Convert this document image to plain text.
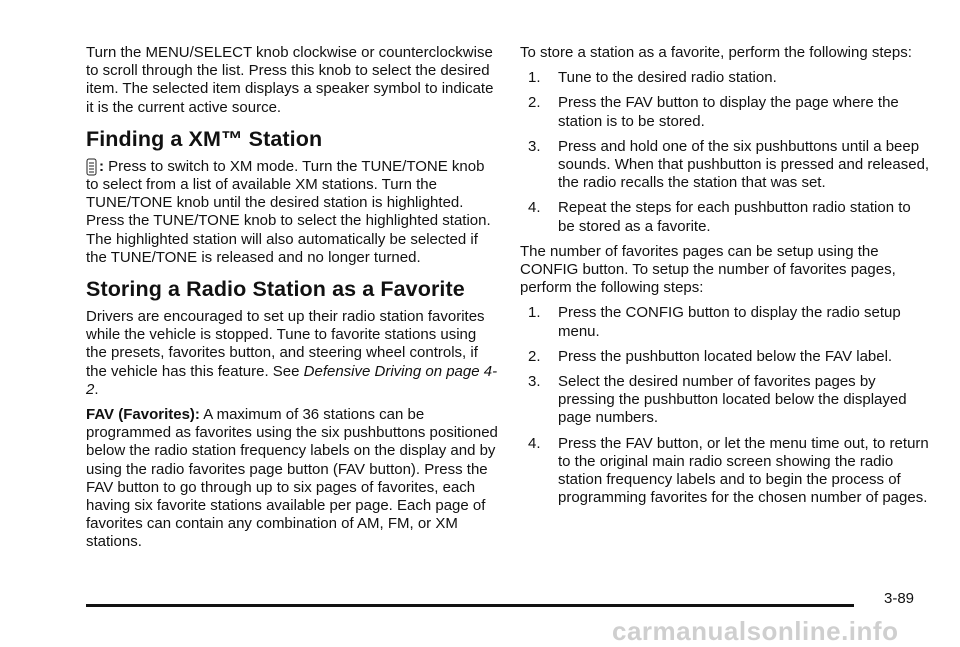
Turn the MENU/SELECT knob clockwise or counterclockwise to scroll through the list. Press this knob to select the desired item. The selected item displays a speaker symbol to indicate it is the current active source.

Finding a XM™ Station

: Press to switch to XM mode. Turn the TUNE/TONE knob to select from a list of available XM stations. Turn the TUNE/TONE knob until the desired station is highlighted. Press the TUNE/TONE knob to select the highlighted station. The highlighted station will also automatically be selected if the TUNE/TONE is released and no longer turned.

Storing a Radio Station as a Favorite

Drivers are encouraged to set up their radio station favorites while the vehicle is stopped. Tune to favorite stations using the presets, favorites button, and steering wheel controls, if the vehicle has this feature. See Defensive Driving on page 4-2.

FAV (Favorites): A maximum of 36 stations can be programmed as favorites using the six pushbuttons positioned below the radio station frequency labels on the display and by using the radio favorites page button (FAV button). Press the FAV button to go through up to six pages of favorites, each having six favorite stations available per page. Each page of favorites can contain any combination of AM, FM, or XM stations.

To store a station as a favorite, perform the following steps:

1. Tune to the desired radio station.
2. Press the FAV button to display the page where the station is to be stored.
3. Press and hold one of the six pushbuttons until a beep sounds. When that pushbutton is pressed and released, the radio recalls the station that was set.
4. Repeat the steps for each pushbutton radio station to be stored as a favorite.

The number of favorites pages can be setup using the CONFIG button. To setup the number of favorites pages, perform the following steps:

1. Press the CONFIG button to display the radio setup menu.
2. Press the pushbutton located below the FAV label.
3. Select the desired number of favorites pages by pressing the pushbutton located below the displayed page numbers.
4. Press the FAV button, or let the menu time out, to return to the original main radio screen showing the radio station frequency labels and to begin the process of programming favorites for the chosen number of pages.
3-89
carmanualsonline.info
